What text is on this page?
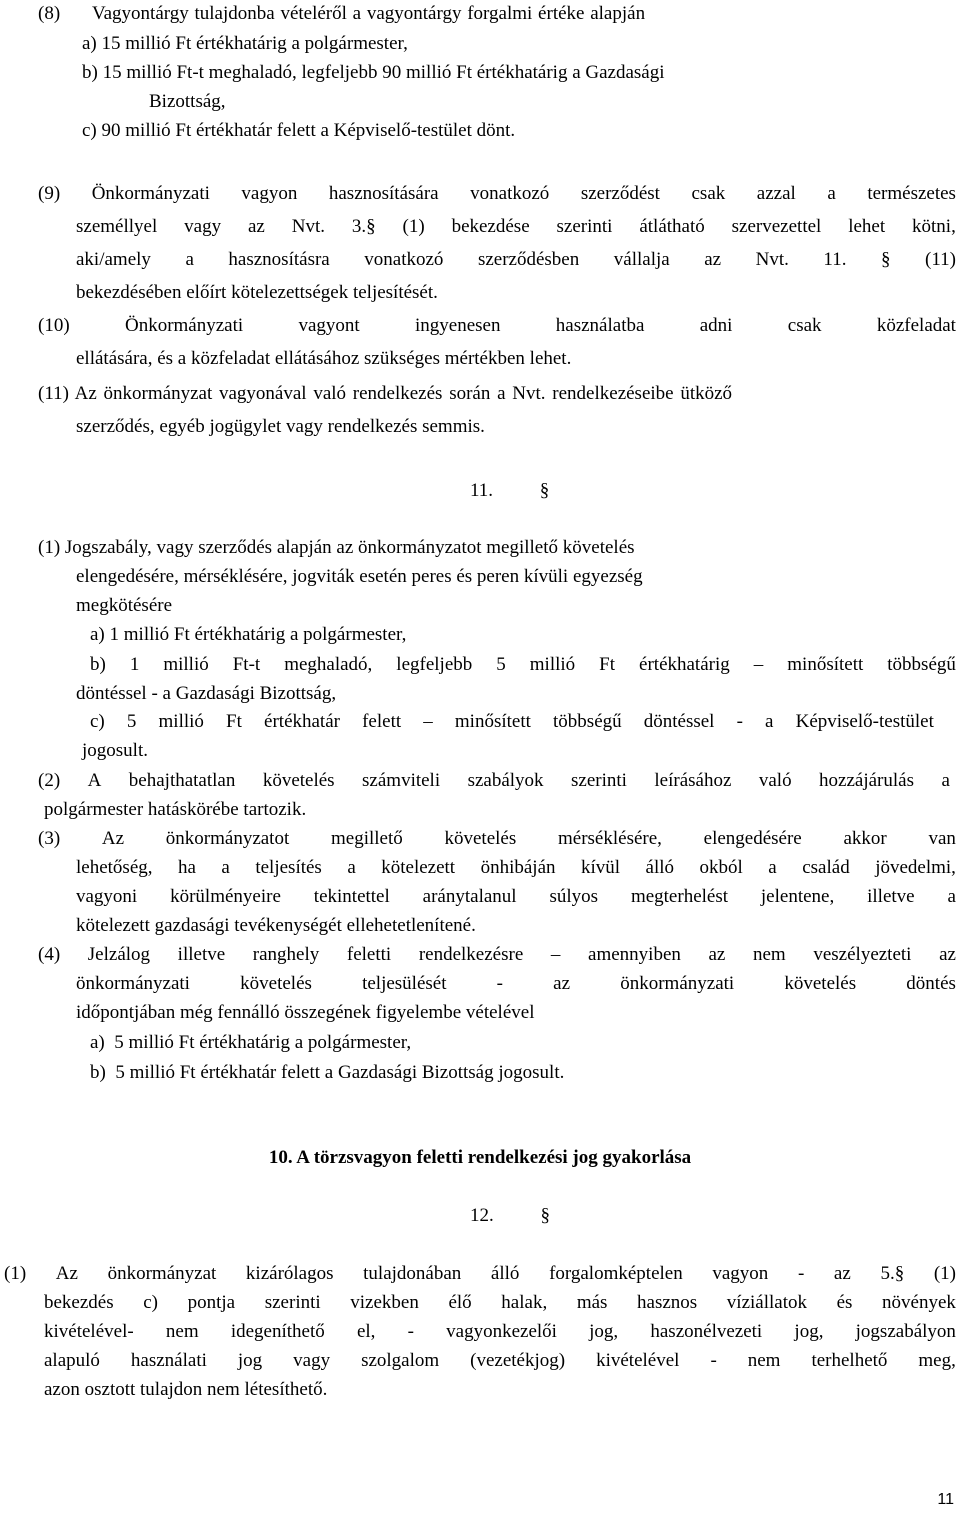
(8) Vagyontárgy tulajdonba vételéről a vagyontárgy forgalmi értéke alapján
a) 15 millió Ft értékhatárig a polgármester,
b) 15 millió Ft-t meghaladó, legfeljebb 90 millió Ft értékhatárig a Gazdasági
Bizottság,
c) 90 millió Ft értékhatár felett a Képviselő-testület dönt.
(9) Önkormányzati vagyon hasznosítására vonatkozó szerződést csak azzal a természetes
személlyel vagy az Nvt. 3.§ (1) bekezdése szerinti átlátható szervezettel lehet kötni,
aki/amely a hasznosításra vonatkozó szerződésben vállalja az Nvt. 11. § (11)
bekezdésében előírt kötelezettségek teljesítését.
(10)	Önkormányzati	vagyont	ingyenesen	használatba	adni	csak	közfeladat
ellátására, és a közfeladat ellátásához szükséges mértékben lehet.
(11) Az önkormányzat vagyonával való rendelkezés során a Nvt. rendelkezéseibe ütköző
szerződés, egyéb jogügylet vagy rendelkezés semmis.
11. §
(1) Jogszabály, vagy szerződés alapján az önkormányzatot megillető követelés
elengedésére, mérséklésére, jogviták esetén peres és peren kívüli egyezség
megkötésére
a) 1 millió Ft értékhatárig a polgármester,
b) 1 millió Ft-t meghaladó, legfeljebb 5 millió Ft értékhatárig – minősített többségű
döntéssel - a Gazdasági Bizottság,
c) 5 millió Ft értékhatár felett – minősített többségű döntéssel - a Képviselő-testület
jogosult.
(2) A behajthatatlan követelés számviteli szabályok szerinti leírásához való hozzájárulás a
polgármester hatáskörébe tartozik.
(3) Az önkormányzatot megillető követelés mérséklésére, elengedésére akkor van
lehetőség, ha a teljesítés a kötelezett önhibáján kívül álló okból a család jövedelmi,
vagyoni körülményeire tekintettel aránytalanul súlyos megterhelést jelentene, illetve a
kötelezett gazdasági tevékenységét ellehetetlenítené.
(4) Jelzálog illetve ranghely feletti rendelkezésre – amennyiben az nem veszélyezteti az
önkormányzati	követelés	teljesülését	-	az	önkormányzati	követelés	döntés
időpontjában még fennálló összegének figyelembe vételével
a)  5 millió Ft értékhatárig a polgármester,
b)  5 millió Ft értékhatár felett a Gazdasági Bizottság jogosult.
10. A törzsvagyon feletti rendelkezési jog gyakorlása
12. §
(1) Az önkormányzat kizárólagos tulajdonában álló forgalomképtelen vagyon - az 5.§ (1)
bekezdés c) pontja szerinti vizekben élő halak, más hasznos víziállatok és növények
kivételével- nem idegeníthető el, - vagyonkezelői jog, haszonélvezeti jog, jogszabályon
alapuló használati jog vagy szolgalom (vezetékjog) kivételével - nem terhelhető meg,
azon osztott tulajdon nem létesíthető.
11
